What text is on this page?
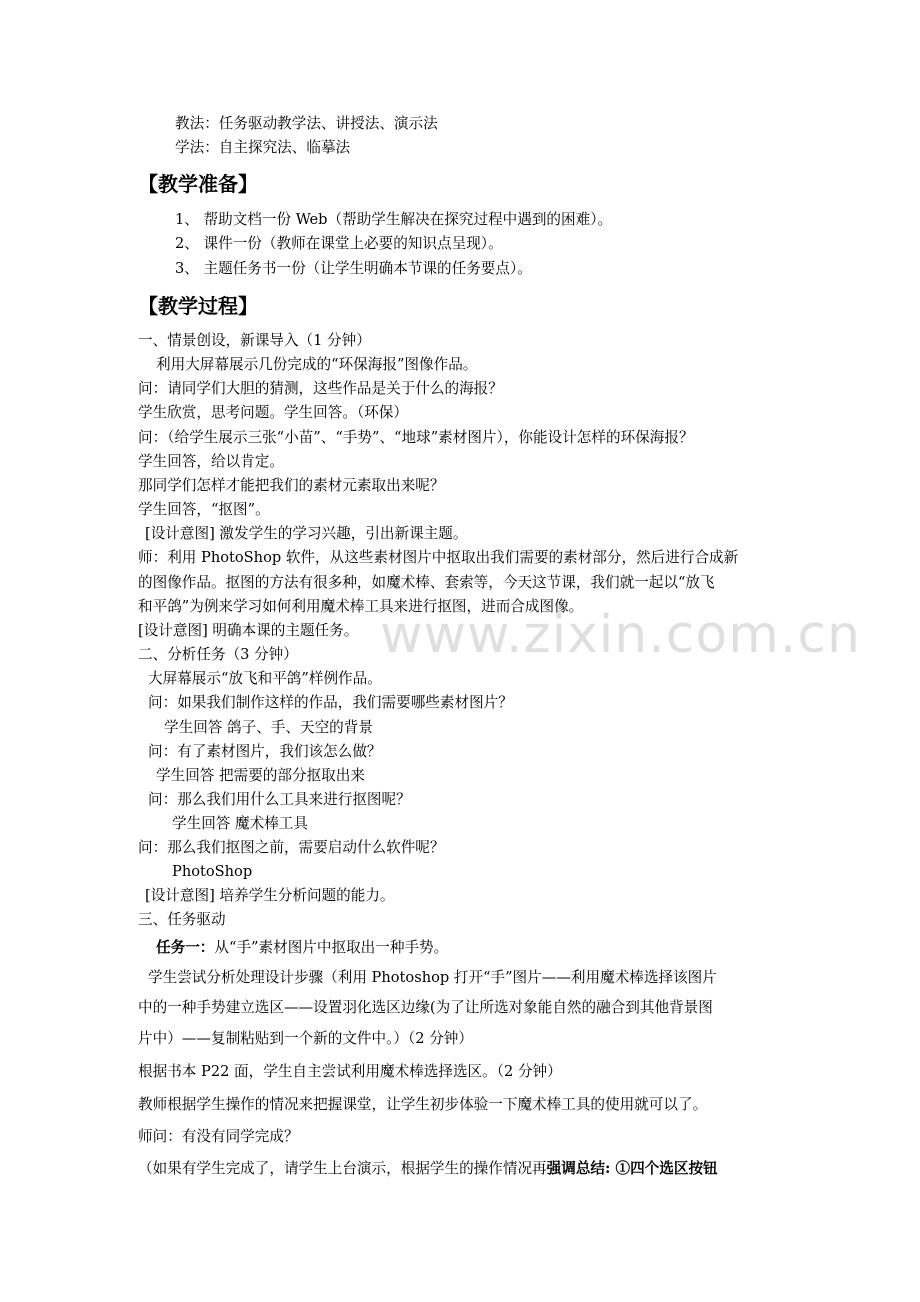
教法：任务驱动教学法、讲授法、演示法
学法：自主探究法、临摹法
【教学准备】
1、 帮助文档一份 Web（帮助学生解决在探究过程中遇到的困难）。
2、 课件一份（教师在课堂上必要的知识点呈现）。
3、 主题任务书一份（让学生明确本节课的任务要点）。
【教学过程】
一、情景创设，新课导入（1 分钟）
利用大屏幕展示几份完成的“环保海报”图像作品。
问：请同学们大胆的猜测，这些作品是关于什么的海报？
学生欣赏，思考问题。学生回答。（环保）
问：（给学生展示三张“小苗”、“手势”、“地球”素材图片），你能设计怎样的环保海报？
学生回答，给以肯定。
那同学们怎样才能把我们的素材元素取出来呢？
学生回答，“抠图”。
[设计意图] 激发学生的学习兴趣，引出新课主题。
师：利用 PhotoShop 软件，从这些素材图片中抠取出我们需要的素材部分，然后进行合成新
的图像作品。抠图的方法有很多种，如魔术棒、套索等，今天这节课，我们就一起以“放飞
和平鸽”为例来学习如何利用魔术棒工具来进行抠图，进而合成图像。
[设计意图] 明确本课的主题任务。
二、分析任务（3 分钟）
大屏幕展示“放飞和平鸽”样例作品。
问：如果我们制作这样的作品，我们需要哪些素材图片？
学生回答 鸽子、手、天空的背景
问：有了素材图片，我们该怎么做？
学生回答 把需要的部分抠取出来
问：那么我们用什么工具来进行抠图呢？
学生回答 魔术棒工具
问：那么我们抠图之前，需要启动什么软件呢？
PhotoShop
[设计意图] 培养学生分析问题的能力。
三、任务驱动
任务一：从“手”素材图片中抠取出一种手势。
学生尝试分析处理设计步骤（利用 Photoshop 打开“手”图片——利用魔术棒选择该图片
中的一种手势建立选区——设置羽化选区边缘(为了让所选对象能自然的融合到其他背景图
片中）——复制粘贴到一个新的文件中。）（2 分钟）
根据书本 P22 面，学生自主尝试利用魔术棒选择选区。（2 分钟）
教师根据学生操作的情况来把握课堂，让学生初步体验一下魔术棒工具的使用就可以了。
师问：有没有同学完成？
（如果有学生完成了，请学生上台演示，根据学生的操作情况再强调总结: ①四个选区按钮
www.zixin.com.cn
